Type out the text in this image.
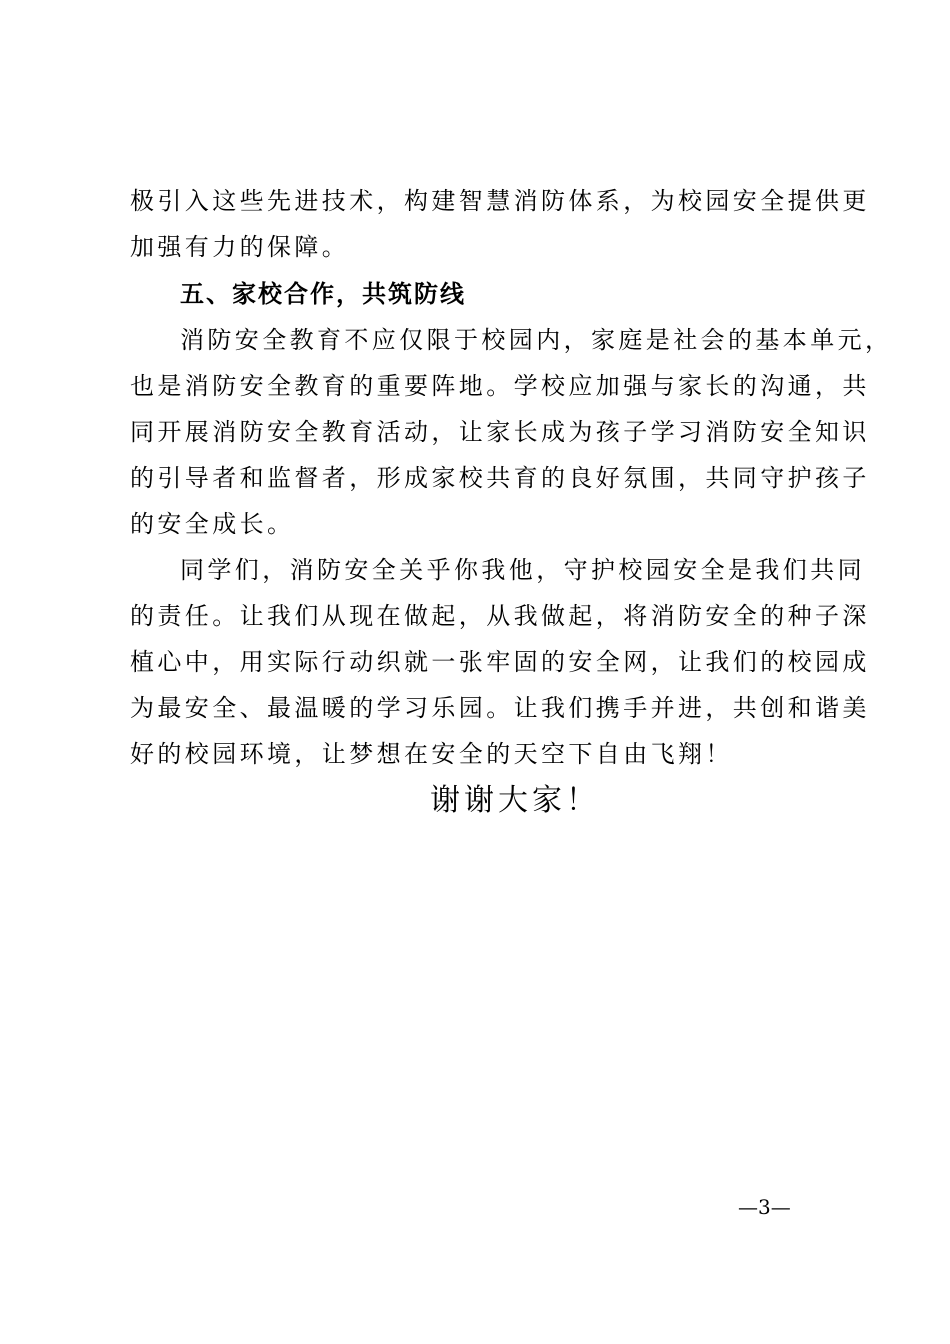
极引入这些先进技术，构建智慧消防体系，为校园安全提供更
加强有力的保障。
五、家校合作，共筑防线
消防安全教育不应仅限于校园内，家庭是社会的基本单元，
也是消防安全教育的重要阵地。学校应加强与家长的沟通，共
同开展消防安全教育活动，让家长成为孩子学习消防安全知识
的引导者和监督者，形成家校共育的良好氛围，共同守护孩子
的安全成长。
同学们，消防安全关乎你我他，守护校园安全是我们共同
的责任。让我们从现在做起，从我做起，将消防安全的种子深
植心中，用实际行动织就一张牢固的安全网，让我们的校园成
为最安全、最温暖的学习乐园。让我们携手并进，共创和谐美
好的校园环境，让梦想在安全的天空下自由飞翔！
谢谢大家！
—3—
